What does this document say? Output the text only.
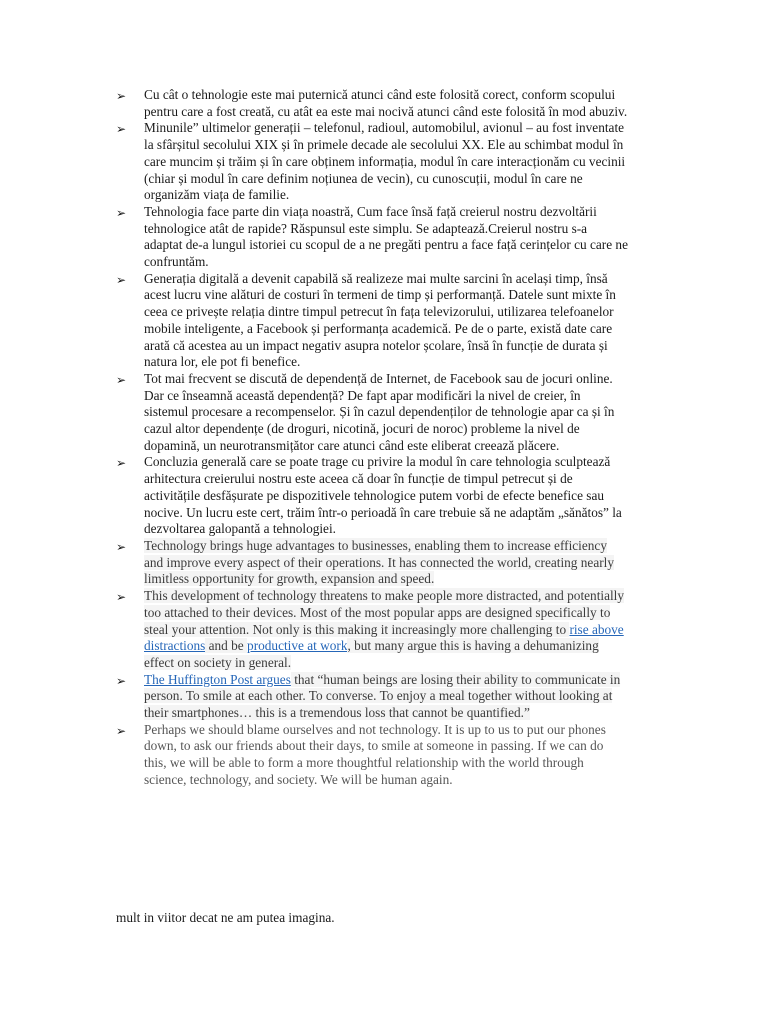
➢ Cu cât o tehnologie este mai puternică atunci când este folosită corect, conform scopului pentru care a fost creată, cu atât ea este mai nocivă atunci când este folosită în mod abuziv.
➢ Minunile” ultimelor generații – telefonul, radioul, automobilul, avionul – au fost inventate la sfârșitul secolului XIX și în primele decade ale secolului XX. Ele au schimbat modul în care muncim și trăim și în care obținem informația, modul în care interacționăm cu vecinii (chiar și modul în care definim noțiunea de vecin), cu cunoscuții, modul în care ne organizăm viața de familie.
➢ Tehnologia face parte din viața noastră, Cum face însă față creierul nostru dezvoltării tehnologice atât de rapide? Răspunsul este simplu. Se adaptează.Creierul nostru s-a adaptat de-a lungul istoriei cu scopul de a ne pregăti pentru a face față cerințelor cu care ne confruntăm.
➢ Generația digitală a devenit capabilă să realizeze mai multe sarcini în același timp, însă acest lucru vine alături de costuri în termeni de timp și performanță. Datele sunt mixte în ceea ce privește relația dintre timpul petrecut în fața televizorului, utilizarea telefoanelor mobile inteligente, a Facebook și performanța academică. Pe de o parte, există date care arată că acestea au un impact negativ asupra notelor școlare, însă în funcție de durata și natura lor, ele pot fi benefice.
➢ Tot mai frecvent se discută de dependență de Internet, de Facebook sau de jocuri online. Dar ce înseamnă această dependență? De fapt apar modificări la nivel de creier, în sistemul procesare a recompenselor. Și în cazul dependenților de tehnologie apar ca și în cazul altor dependențe (de droguri, nicotină, jocuri de noroc) probleme la nivel de dopamină, un neurotransmițător care atunci când este eliberat creează plăcere.
➢ Concluzia generală care se poate trage cu privire la modul în care tehnologia sculptează arhitectura creierului nostru este aceea că doar în funcție de timpul petrecut și de activitățile desfășurate pe dispozitivele tehnologice putem vorbi de efecte benefice sau nocive. Un lucru este cert, trăim într-o perioadă în care trebuie să ne adaptăm „sănătos” la dezvoltarea galopantă a tehnologiei.
➢ Technology brings huge advantages to businesses, enabling them to increase efficiency and improve every aspect of their operations. It has connected the world, creating nearly limitless opportunity for growth, expansion and speed.
➢ This development of technology threatens to make people more distracted, and potentially too attached to their devices. Most of the most popular apps are designed specifically to steal your attention. Not only is this making it increasingly more challenging to rise above distractions and be productive at work, but many argue this is having a dehumanizing effect on society in general.
➢ The Huffington Post argues that “human beings are losing their ability to communicate in person. To smile at each other. To converse. To enjoy a meal together without looking at their smartphones… this is a tremendous loss that cannot be quantified.”
➢ Perhaps we should blame ourselves and not technology. It is up to us to put our phones down, to ask our friends about their days, to smile at someone in passing. If we can do this, we will be able to form a more thoughtful relationship with the world through science, technology, and society. We will be human again.

mult in viitor decat ne am putea imagina.
